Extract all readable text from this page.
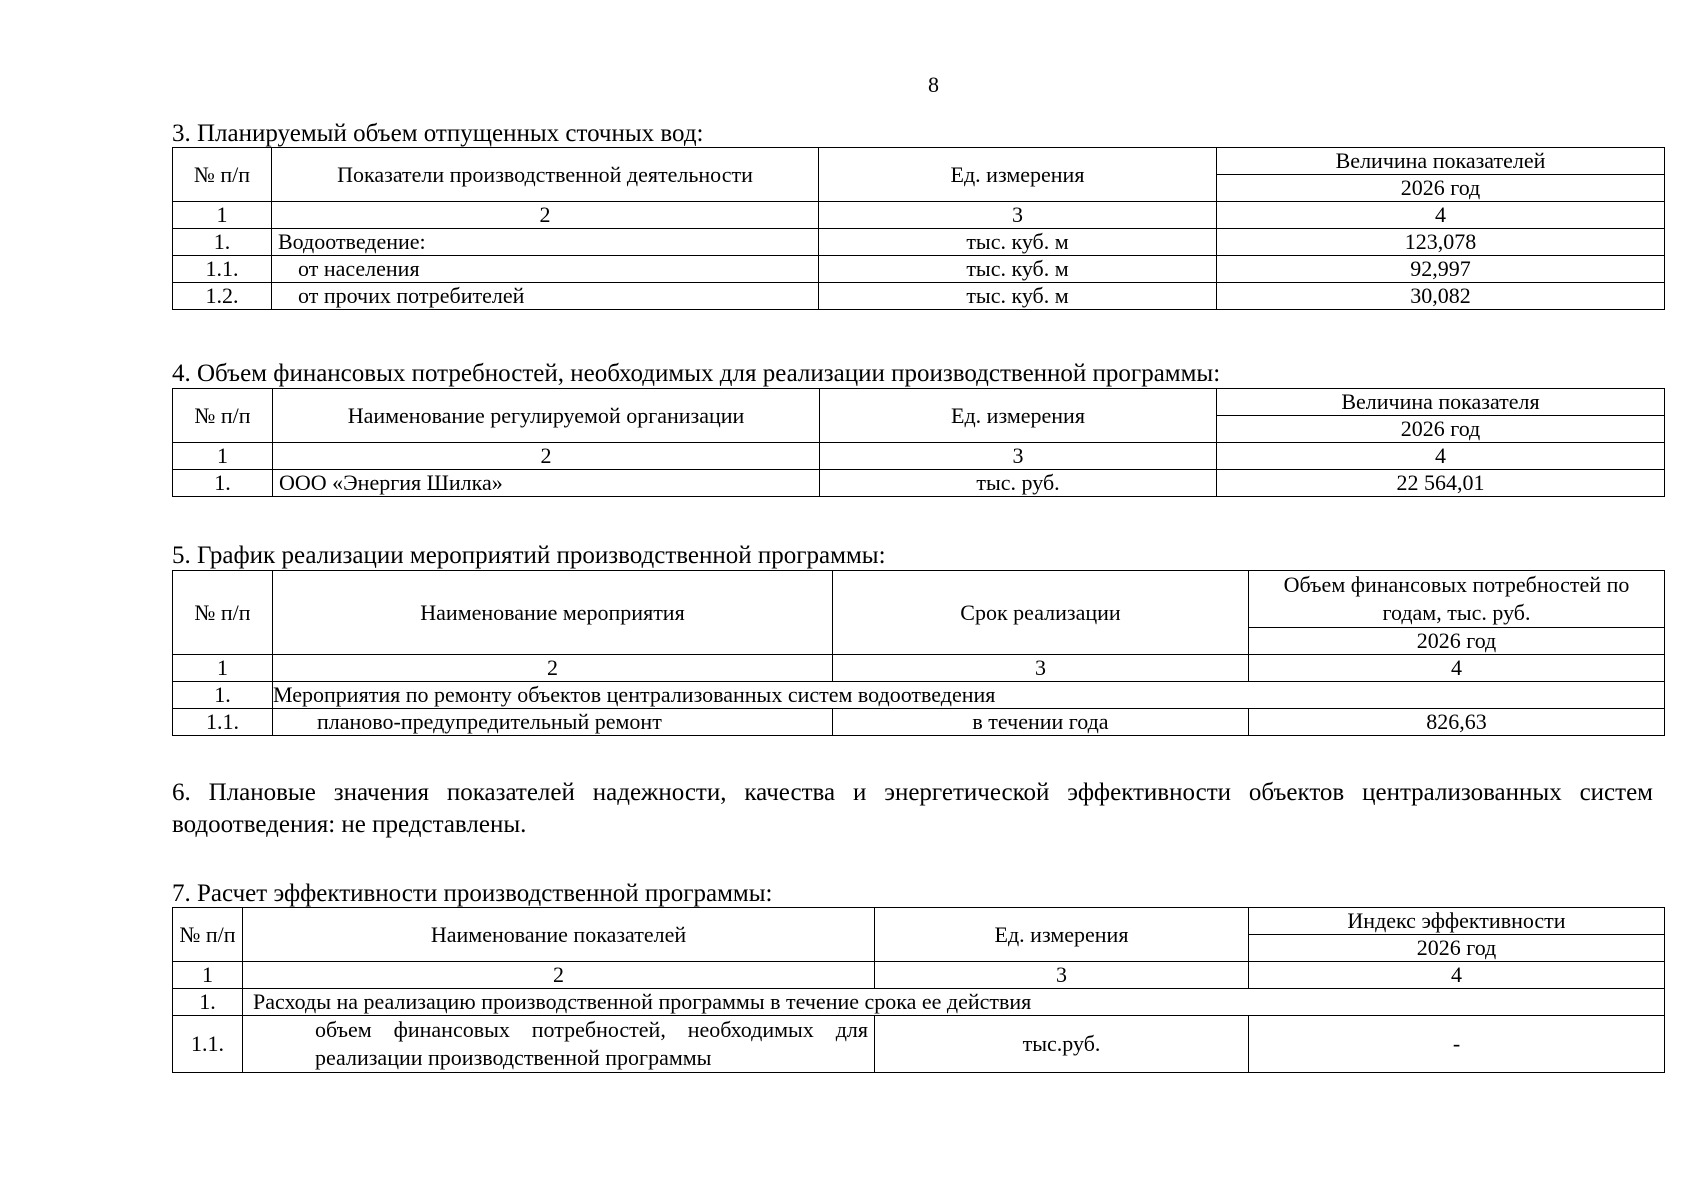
8
3. Планируемый объем отпущенных сточных вод:
№ п/п	Показатели производственной деятельности	Ед. измерения	Величина показателей
			2026 год
1	2	3	4
1.	Водоотведение:	тыс. куб. м	123,078
1.1.	от населения	тыс. куб. м	92,997
1.2.	от прочих потребителей	тыс. куб. м	30,082
4. Объем финансовых потребностей, необходимых для реализации производственной программы:
№ п/п	Наименование регулируемой организации	Ед. измерения	Величина показателя
			2026 год
1	2	3	4
1.	ООО «Энергия Шилка»	тыс. руб.	22 564,01
5. График реализации мероприятий производственной программы:
№ п/п	Наименование мероприятия	Срок реализации	Объем финансовых потребностей по годам, тыс. руб.
			2026 год
1	2	3	4
1.	Мероприятия по ремонту объектов централизованных систем водоотведения		
1.1.	планово-предупредительный ремонт	в течении года	826,63
6. Плановые значения показателей надежности, качества и энергетической эффективности объектов централизованных систем водоотведения: не представлены.
7. Расчет эффективности производственной программы:
№ п/п	Наименование показателей	Ед. измерения	Индекс эффективности
			2026 год
1	2	3	4
1.	Расходы на реализацию производственной программы в течение срока ее действия		
1.1.	объем финансовых потребностей, необходимых для реализации производственной программы	тыс.руб.	-
